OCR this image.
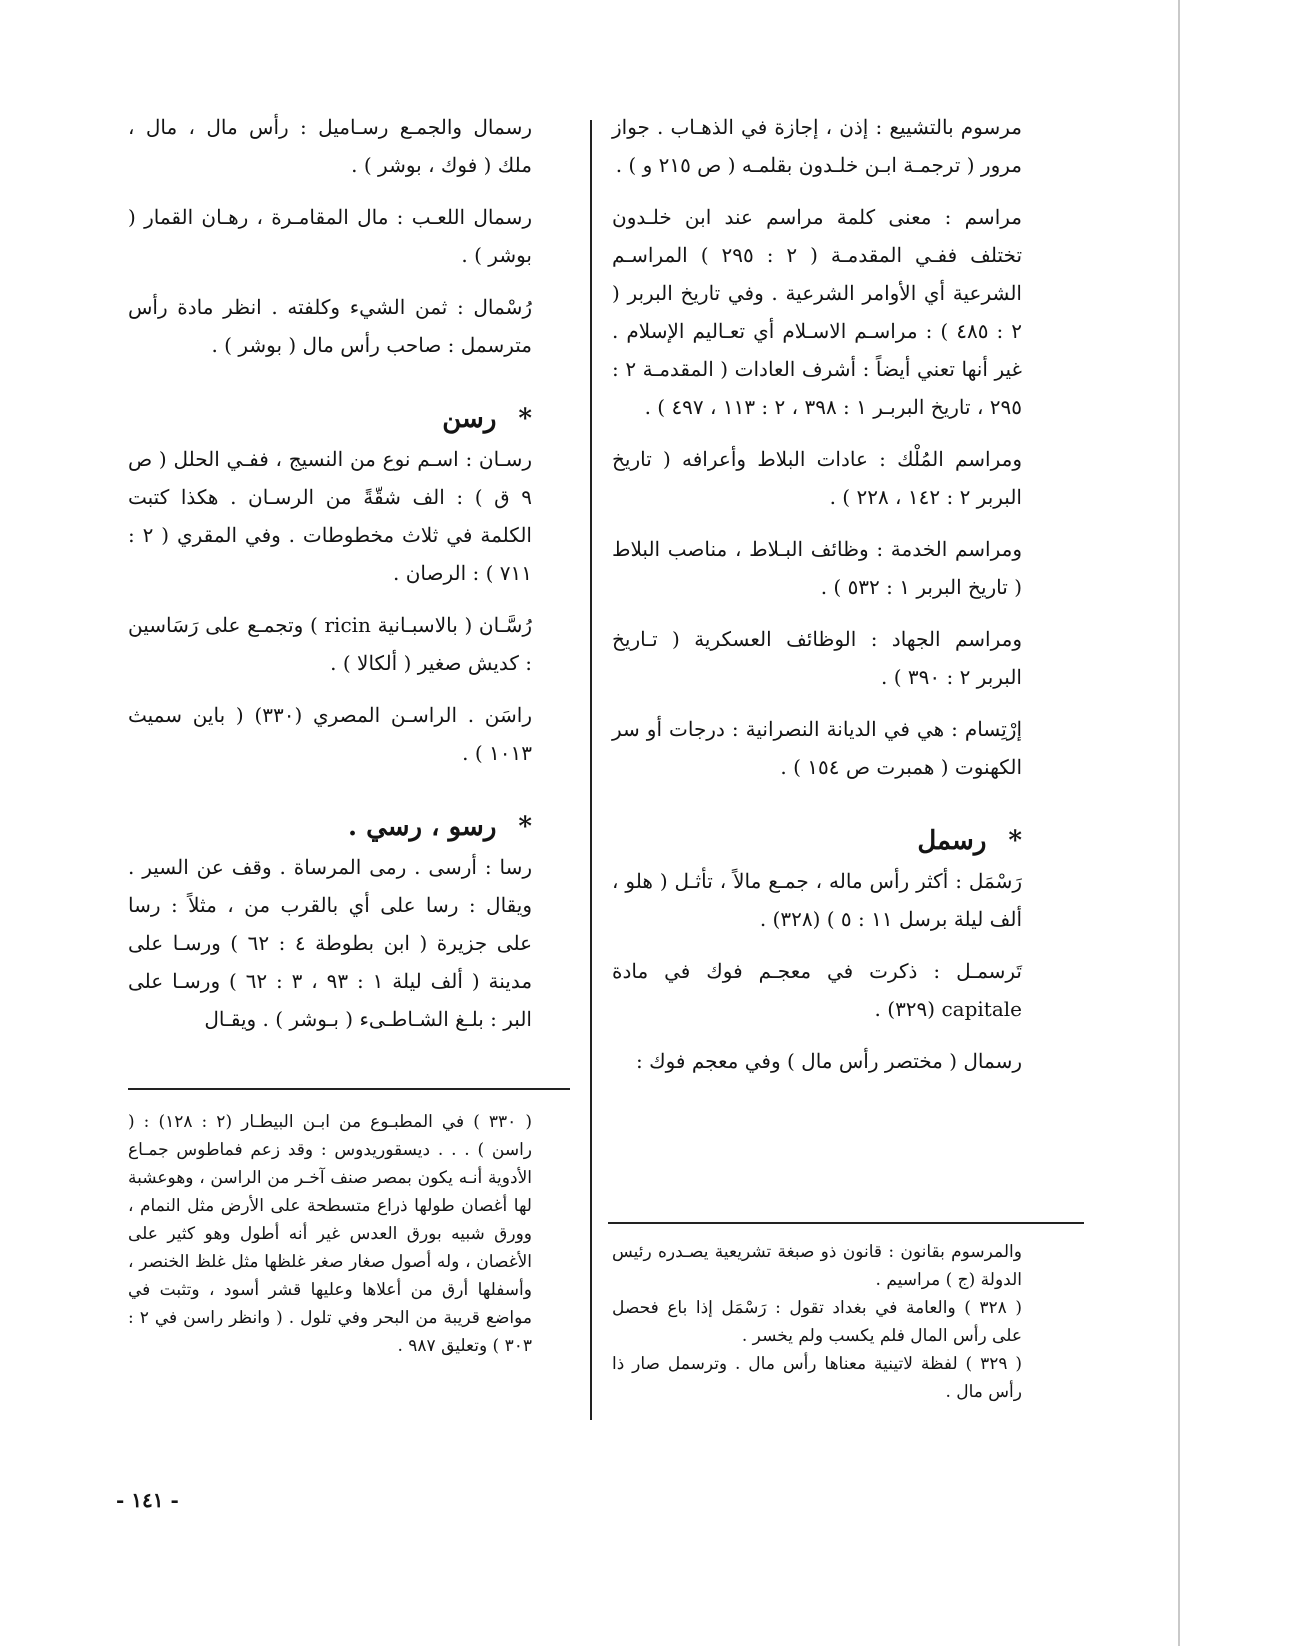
مرسوم بالتشييع : إذن ، إجازة في الذهـاب . جواز مرور ( ترجمـة ابـن خلـدون بقلمـه ( ص ٢١٥ و ) .

مراسم : معنى كلمة مراسم عند ابن خلـدون تختلف ففـي المقدمـة ( ٢ : ٢٩٥ ) المراسـم الشرعية أي الأوامر الشرعية . وفي تاريخ البربر ( ٢ : ٤٨٥ ) : مراسـم الاسـلام أي تعـاليم الإسلام . غير أنها تعني أيضاً : أشرف العادات ( المقدمـة ٢ : ٢٩٥ ، تاريخ البربـر ١ : ٣٩٨ ، ٢ : ١١٣ ، ٤٩٧ ) .

ومراسم المُلْك : عادات البلاط وأعرافه ( تاريخ البربر ٢ : ١٤٢ ، ٢٢٨ ) .

ومراسم الخدمة : وظائف البـلاط ، مناصب البلاط ( تاريخ البربر ١ : ٥٣٢ ) .

ومراسم الجهاد : الوظائف العسكرية ( تـاريخ البربر ٢ : ٣٩٠ ) .

إرْتِسام : هي في الديانة النصرانية : درجات أو سر الكهنوت ( همبرت ص ١٥٤ ) .

*
رسمل

رَسْمَل : أكثر رأس ماله ، جمـع مالاً ، تأثـل ( هلو ، ألف ليلة برسل ١١ : ٥ ) (٣٢٨) .

تَرسمـل : ذكرت في معجـم فوك في مادة capitale (٣٢٩) .

رسمال ( مختصر رأس مال ) وفي معجم فوك :

والمرسوم بقانون : قانون ذو صبغة تشريعية يصـدره رئيس الدولة (ج ) مراسيم .

( ٣٢٨ ) والعامة في بغداد تقول : رَسْمَل إذا باع فحصل على رأس المال فلم يكسب ولم يخسر .

( ٣٢٩ ) لفظة لاتينية معناها رأس مال . وترسمل صار ذا رأس مال .

رسمال والجمـع رسـاميل : رأس مال ، مال ، ملك ( فوك ، بوشر ) .

رسمال اللعـب : مال المقامـرة ، رهـان القمار ( بوشر ) .

رُسْمال : ثمن الشيء وكلفته . انظر مادة رأس مترسمل : صاحب رأس مال ( بوشر ) .

*
رسن

رسـان : اسـم نوع من النسيج ، ففـي الحلل ( ص ٩ ق ) : الف شقّةً من الرسـان . هكذا كتبت الكلمة في ثلاث مخطوطات . وفي المقري ( ٢ : ٧١١ ) : الرصان .

رُسَّـان ( بالاسبـانية ricin ) وتجمـع على رَسَاسين : كديش صغير ( ألكالا ) .

راسَن . الراسـن المصري (٣٣٠) ( باين سميث ١٠١٣ ) .

*
رسو ، رسي .

رسا : أرسى . رمى المرساة . وقف عن السير . ويقال : رسا على أي بالقرب من ، مثلاً : رسا على جزيرة ( ابن بطوطة ٤ : ٦٢ ) ورسـا على مدينة ( ألف ليلة ١ : ٩٣ ، ٣ : ٦٢ ) ورسـا على البر : بلـغ الشـاطـىء ( بـوشر ) . ويقـال

( ٣٣٠ ) في المطبـوع من ابـن البيطـار (٢ : ١٢٨) : ( راسن ) . . . ديسقوريدوس : وقد زعم فماطوس جمـاع الأدوية أنـه يكون بمصر صنف آخـر من الراسن ، وهوعشبة لها أغصان طولها ذراع متسطحة على الأرض مثل النمام ، وورق شبيه بورق العدس غير أنه أطول وهو كثير على الأغصان ، وله أصول صغار صغر غلظها مثل غلظ الخنصر ، وأسفلها أرق من أعلاها وعليها قشر أسود ، وتثبت في مواضع قريبة من البحر وفي تلول . ( وانظر راسن في ٢ : ٣٠٣ ) وتعليق ٩٨٧ .

- ١٤١ -
